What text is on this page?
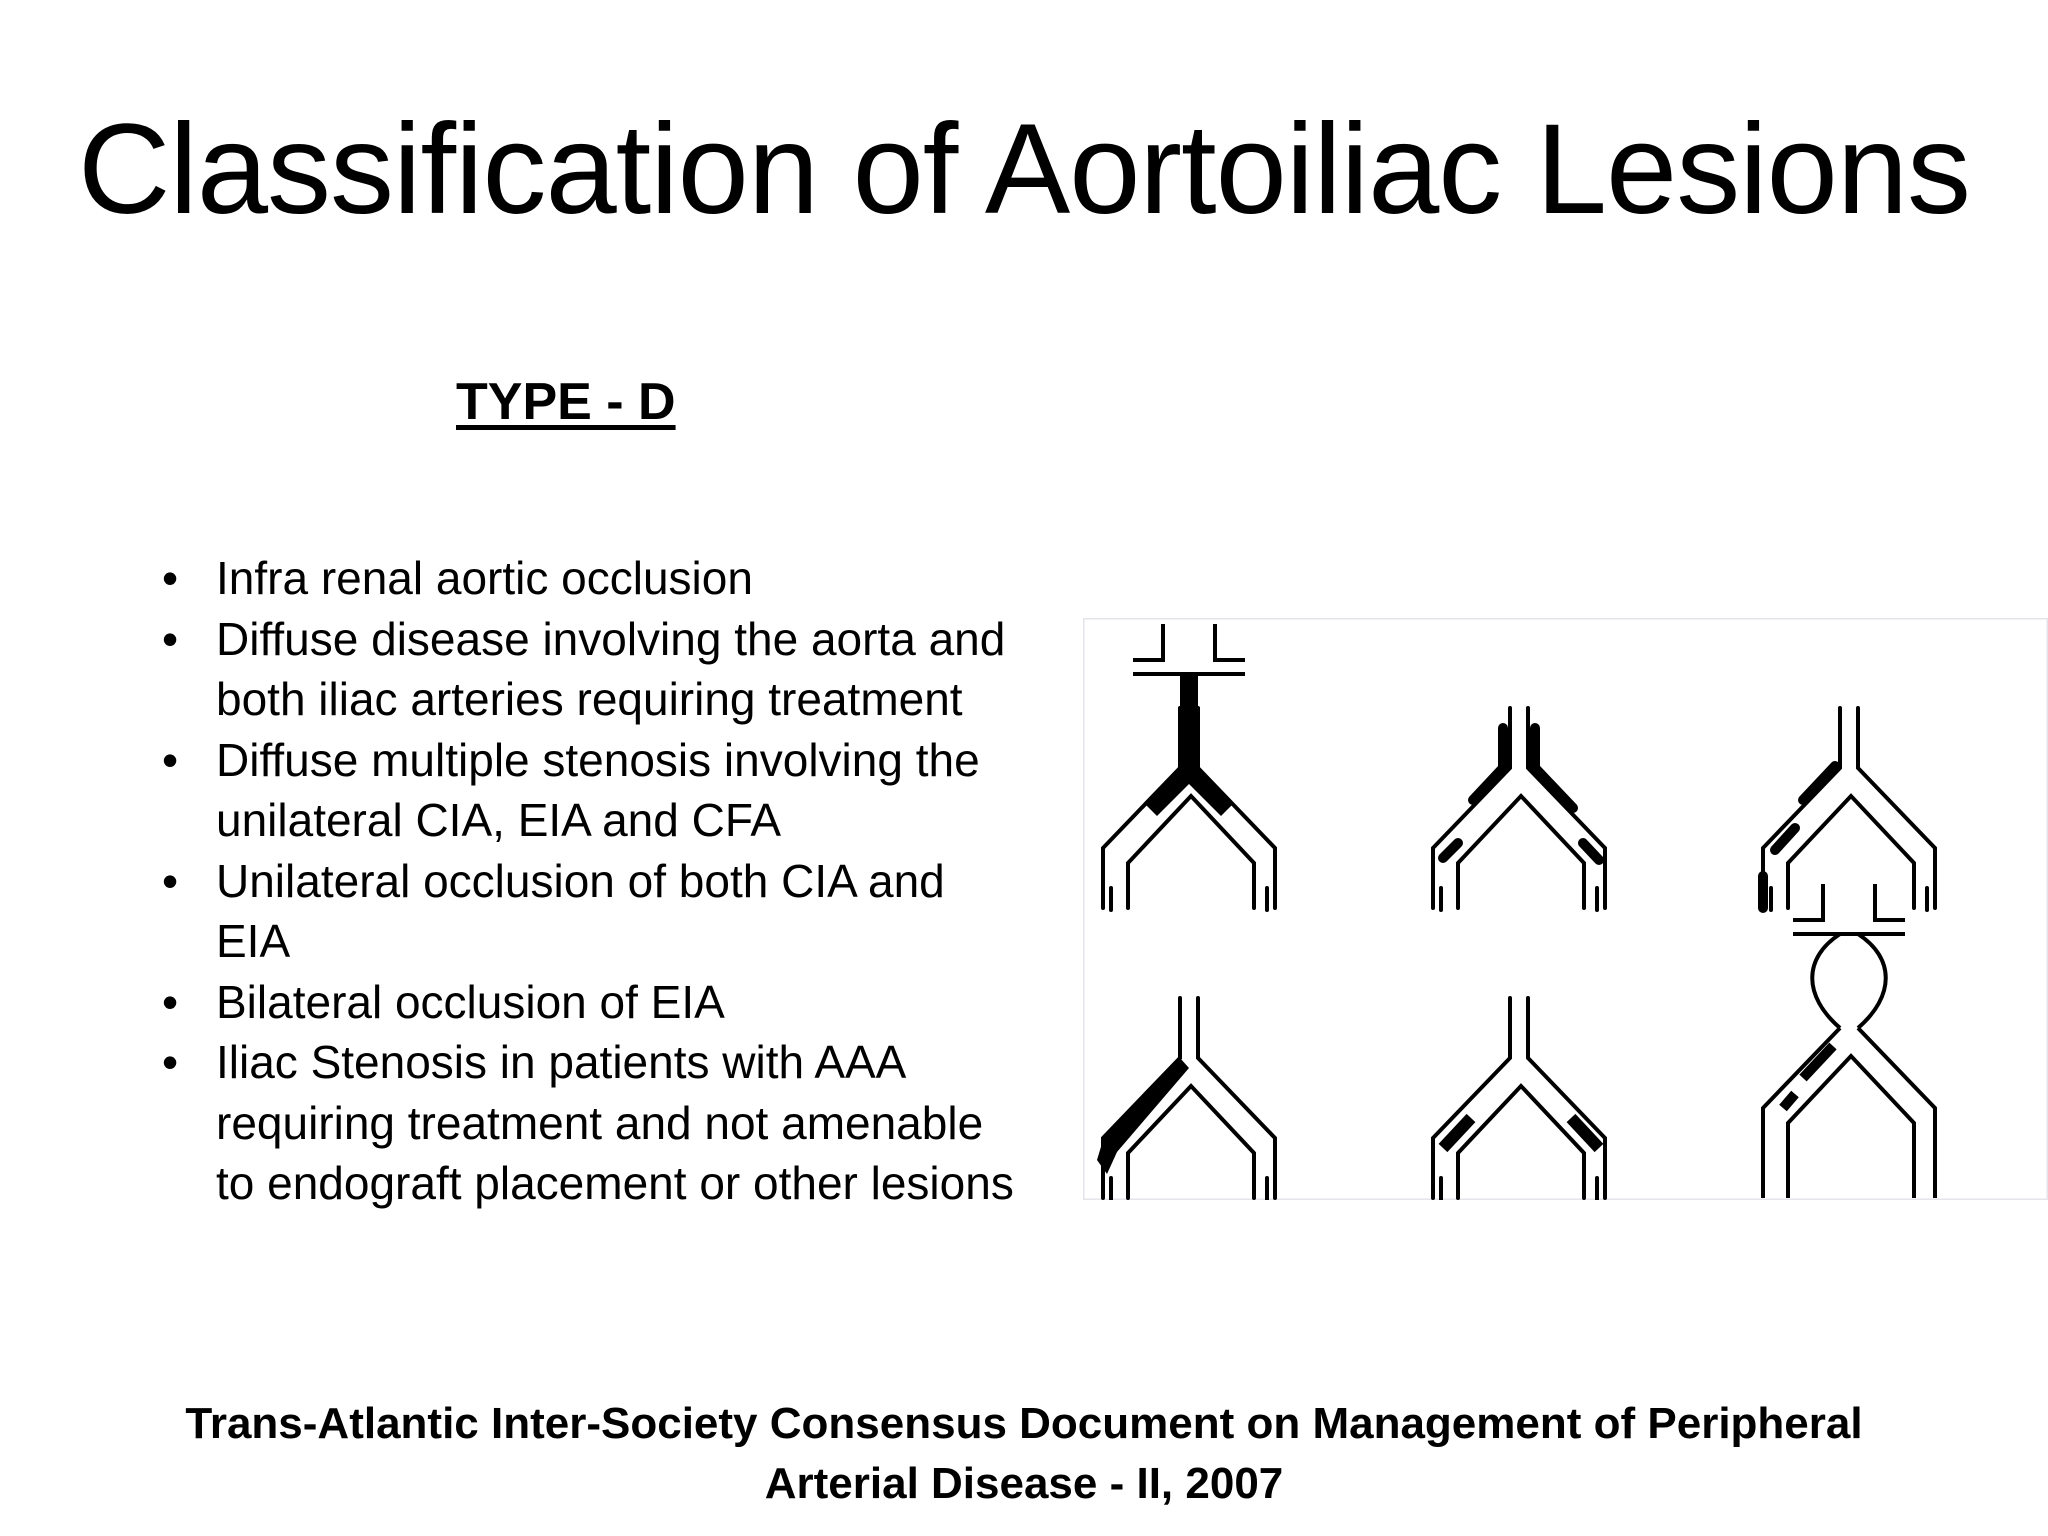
Classification of Aortoiliac Lesions
TYPE - D
• Infra renal aortic occlusion
• Diffuse disease involving the aorta and both iliac arteries requiring treatment
• Diffuse multiple stenosis involving the unilateral CIA, EIA and CFA
• Unilateral occlusion of both CIA and EIA
• Bilateral occlusion of EIA
• Iliac Stenosis in patients with AAA requiring treatment and not amenable to endograft placement or other lesions
Trans-Atlantic Inter-Society Consensus Document on Management of Peripheral
Arterial Disease - II, 2007
